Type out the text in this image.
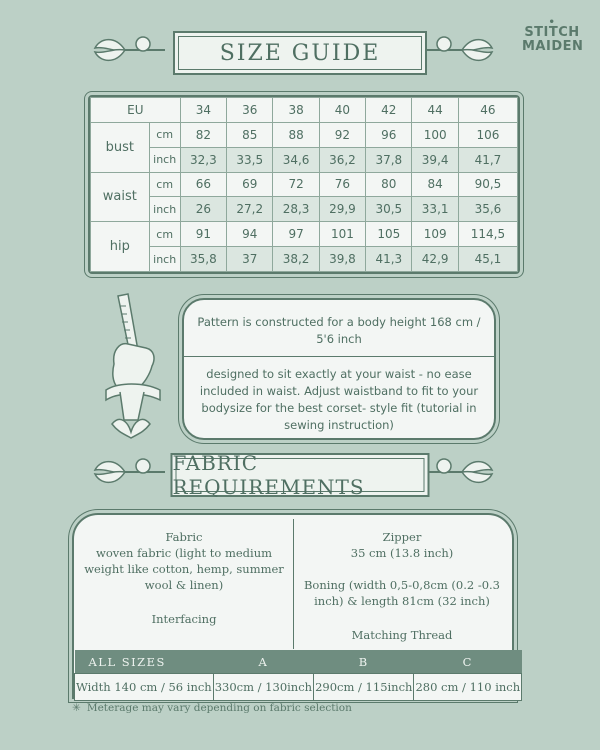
•
STITCH
MAIDEN
SIZE GUIDE
EU		34	36	38	40	42	44	46
bust	cm	82	85	88	92	96	100	106
	inch	32,3	33,5	34,6	36,2	37,8	39,4	41,7
waist	cm	66	69	72	76	80	84	90,5
	inch	26	27,2	28,3	29,9	30,5	33,1	35,6
hip	cm	91	94	97	101	105	109	114,5
	inch	35,8	37	38,2	39,8	41,3	42,9	45,1
Pattern is constructed for a body height 168 cm / 5'6 inch
designed to sit exactly at your waist - no ease included in waist. Adjust waistband to fit to your bodysize for the best corset- style fit (tutorial in sewing instruction)
FABRIC REQUIREMENTS
Fabric
woven fabric (light to medium weight like cotton, hemp, summer wool & linen)
Interfacing
Zipper
35 cm (13.8 inch)
Boning (width 0,5-0,8cm (0.2 -0.3 inch) & length 81cm (32 inch)
Matching Thread
ALL SIZES	A	B	C
Width 140 cm / 56 inch	330cm / 130inch	290cm / 115inch	280 cm / 110 inch
✳ Meterage may vary depending on fabric selection
